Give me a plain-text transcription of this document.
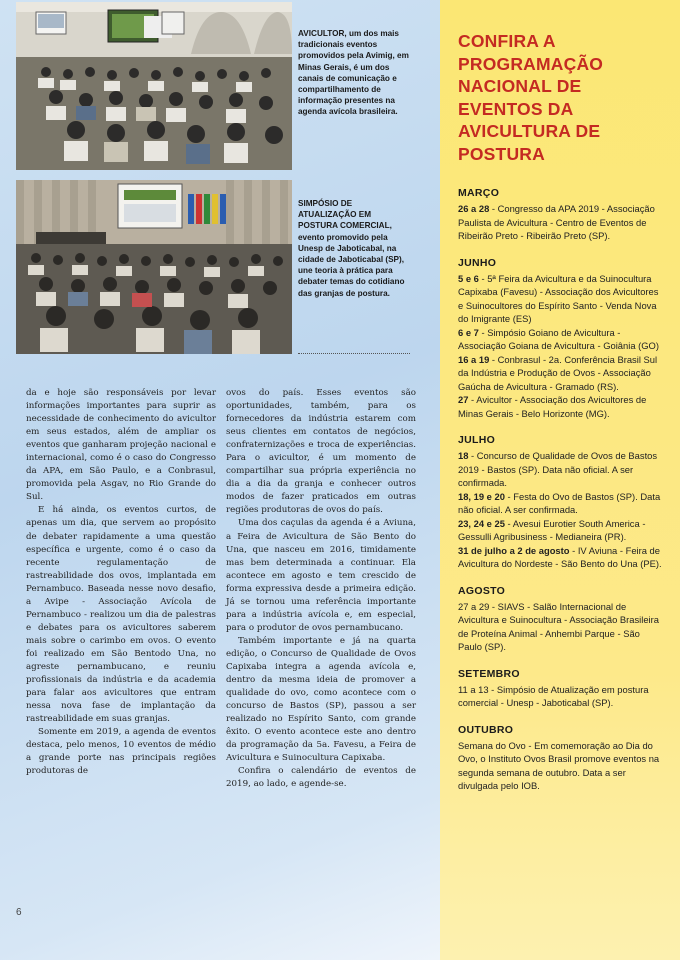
AVICULTOR, um dos mais tradicionais eventos promovidos pela Avimig, em Minas Gerais, é um dos canais de comunicação e compartilhamento de informação presentes na agenda avícola brasileira.
SIMPÓSIO DE ATUALIZAÇÃO EM POSTURA COMERCIAL, evento promovido pela Unesp de Jaboticabal, na cidade de Jaboticabal (SP), une teoria à prática para debater temas do cotidiano das granjas de postura.

da e hoje são responsáveis por levar informações importantes para suprir as necessidade de conhecimento do avicultor em seus estados, além de ampliar os eventos que ganharam projeção nacional e internacional, como é o caso do Congresso da APA, em São Paulo, e a Conbrasul, promovida pela Asgav, no Rio Grande do Sul.

E há ainda, os eventos curtos, de apenas um dia, que servem ao propósito de debater rapidamente a uma questão específica e urgente, como é o caso da recente regulamentação de rastreabilidade dos ovos, implantada em Pernambuco. Baseada nesse novo desafio, a Avipe - Associação Avícola de Pernambuco - realizou um dia de palestras e debates para os avicultores saberem mais sobre o carimbo em ovos. O evento foi realizado em São Bentodo Una, no agreste pernambucano, e reuniu profissionais da indústria e da academia para falar aos avicultores que entram nessa nova fase de implantação da rastreabilidade em suas granjas.

Somente em 2019, a agenda de eventos destaca, pelo menos, 10 eventos de médio a grande porte nas principais regiões produtoras de

ovos do país. Esses eventos são oportunidades, também, para os fornecedores da indústria estarem com seus clientes em contatos de negócios, confraternizações e troca de experiências. Para o avicultor, é um momento de compartilhar sua própria experiência no dia a dia da granja e conhecer outros modos de fazer praticados em outras regiões produtoras de ovos do país.

Uma dos caçulas da agenda é a Aviuna, a Feira de Avicultura de São Bento do Una, que nasceu em 2016, timidamente mas bem determinada a continuar. Ela acontece em agosto e tem crescido de forma expressiva desde a primeira edição. Já se tornou uma referência importante para a indústria avícola e, em especial, para o produtor de ovos pernambucano.

Também importante e já na quarta edição, o Concurso de Qualidade de Ovos Capixaba integra a agenda avícola e, dentro da mesma ideia de promover a qualidade do ovo, como acontece com o concurso de Bastos (SP), passou a ser realizado no Espírito Santo, com grande êxito. O evento acontece este ano dentro da programação da 5a. Favesu, a Feira de Avicultura e Suinocultura Capixaba.

Confira o calendário de eventos de 2019, ao lado, e agende-se.

6
CONFIRA A PROGRAMAÇÃO NACIONAL DE EVENTOS DA AVICULTURA DE POSTURA
MARÇO

26 a 28 - Congresso da APA 2019 - Associação Paulista de Avicultura - Centro de Eventos de Ribeirão Preto - Ribeirão Preto (SP).

JUNHO

5 e 6 - 5ª Feira da Avicultura e da Suinocultura Capixaba (Favesu) - Associação dos Avicultores e Suinocultores do Espírito Santo - Venda Nova do Imigrante (ES)

6 e 7 - Simpósio Goiano de Avicultura - Associação Goiana de Avicultura - Goiânia (GO)

16 a 19 - Conbrasul - 2a. Conferência Brasil Sul da Indústria e Produção de Ovos - Associação Gaúcha de Avicultura - Gramado (RS).

27 - Avicultor - Associação dos Avicultores de Minas Gerais - Belo Horizonte (MG).

JULHO

18 - Concurso de Qualidade de Ovos de Bastos 2019 - Bastos (SP). Data não oficial. A ser confirmada.

18, 19 e 20 - Festa do Ovo de Bastos (SP). Data não oficial. A ser confirmada.

23, 24 e 25 - Avesui Eurotier South America - Gessulli Agribusiness - Medianeira (PR).

31 de julho a 2 de agosto - IV Aviuna - Feira de Avicultura do Nordeste - São Bento do Una (PE).

AGOSTO

27 a 29 - SIAVS - Salão Internacional de Avicultura e Suinocultura - Associação Brasileira de Proteína Animal - Anhembi Parque - São Paulo (SP).

SETEMBRO

11 a 13 - Simpósio de Atualização em postura comercial - Unesp - Jaboticabal (SP).

OUTUBRO

Semana do Ovo - Em comemoração ao Dia do Ovo, o Instituto Ovos Brasil promove eventos na segunda semana de outubro. Data a ser divulgada pelo IOB.
